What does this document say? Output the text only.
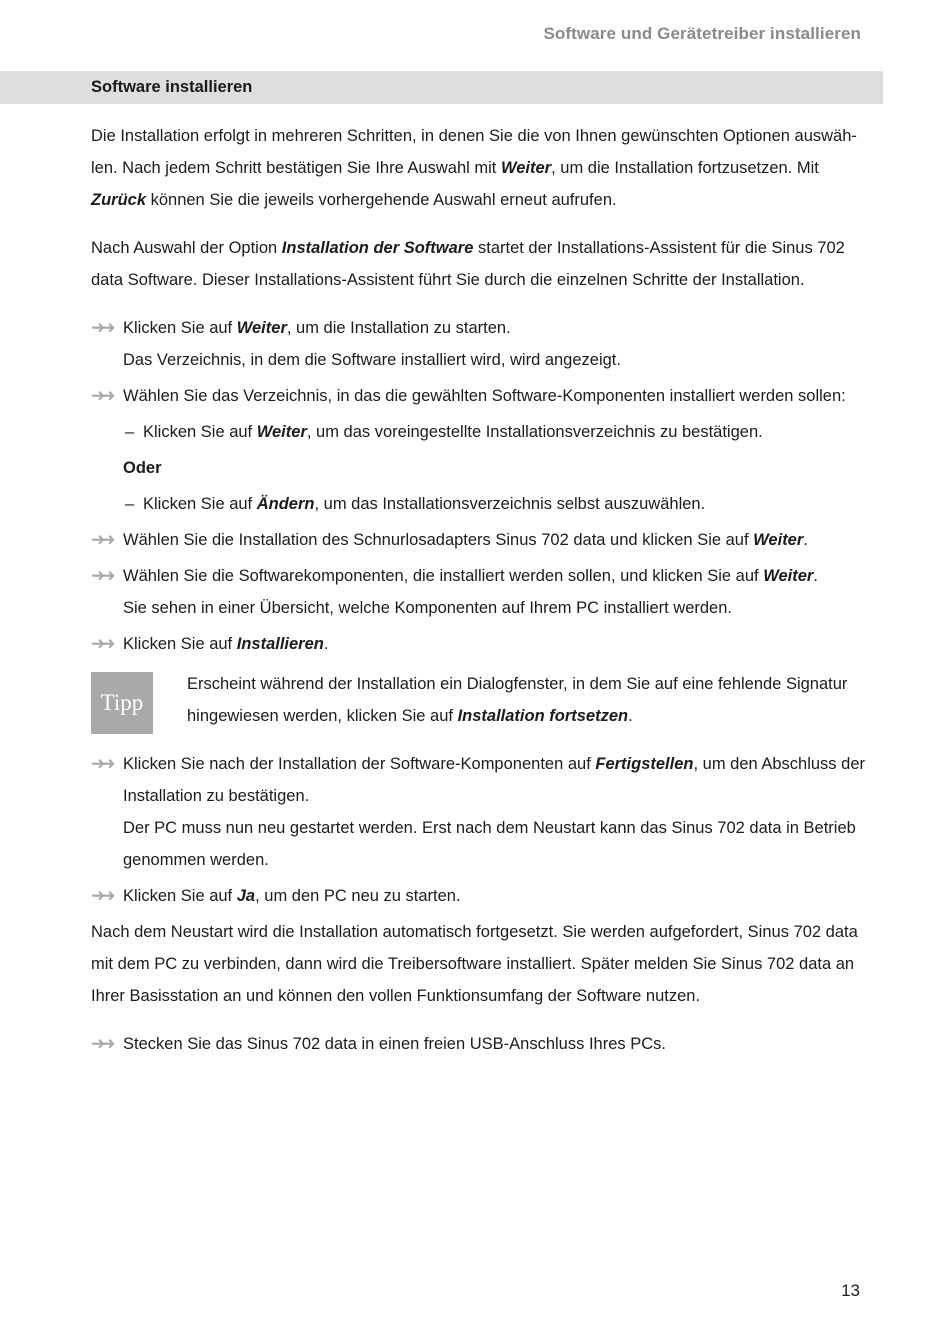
Software und Gerätetreiber installieren
Software installieren

Die Installation erfolgt in mehreren Schritten, in denen Sie die von Ihnen gewünschten Optionen auswählen. Nach jedem Schritt bestätigen Sie Ihre Auswahl mit Weiter, um die Installation fortzusetzen. Mit Zurück können Sie die jeweils vorhergehende Auswahl erneut aufrufen.

Nach Auswahl der Option Installation der Software startet der Installations-Assistent für die Sinus 702 data Software. Dieser Installations-Assistent führt Sie durch die einzelnen Schritte der Installation.

➜➜ Klicken Sie auf Weiter, um die Installation zu starten.
Das Verzeichnis, in dem die Software installiert wird, wird angezeigt.
➜➜ Wählen Sie das Verzeichnis, in das die gewählten Software-Komponenten installiert werden sollen:
– Klicken Sie auf Weiter, um das voreingestellte Installationsverzeichnis zu bestätigen.
Oder
– Klicken Sie auf Ändern, um das Installationsverzeichnis selbst auszuwählen.
➜➜ Wählen Sie die Installation des Schnurlosadapters Sinus 702 data und klicken Sie auf Weiter.
➜➜ Wählen Sie die Softwarekomponenten, die installiert werden sollen, und klicken Sie auf Weiter.
Sie sehen in einer Übersicht, welche Komponenten auf Ihrem PC installiert werden.
➜➜ Klicken Sie auf Installieren.
Tipp
Erscheint während der Installation ein Dialogfenster, in dem Sie auf eine fehlende Signatur hingewiesen werden, klicken Sie auf Installation fortsetzen.
➜➜ Klicken Sie nach der Installation der Software-Komponenten auf Fertigstellen, um den Abschluss der Installation zu bestätigen.
Der PC muss nun neu gestartet werden. Erst nach dem Neustart kann das Sinus 702 data in Betrieb genommen werden.
➜➜ Klicken Sie auf Ja, um den PC neu zu starten.

Nach dem Neustart wird die Installation automatisch fortgesetzt. Sie werden aufgefordert, Sinus 702 data mit dem PC zu verbinden, dann wird die Treibersoftware installiert. Später melden Sie Sinus 702 data an Ihrer Basisstation an und können den vollen Funktionsumfang der Software nutzen.

➜➜ Stecken Sie das Sinus 702 data in einen freien USB-Anschluss Ihres PCs.
13
